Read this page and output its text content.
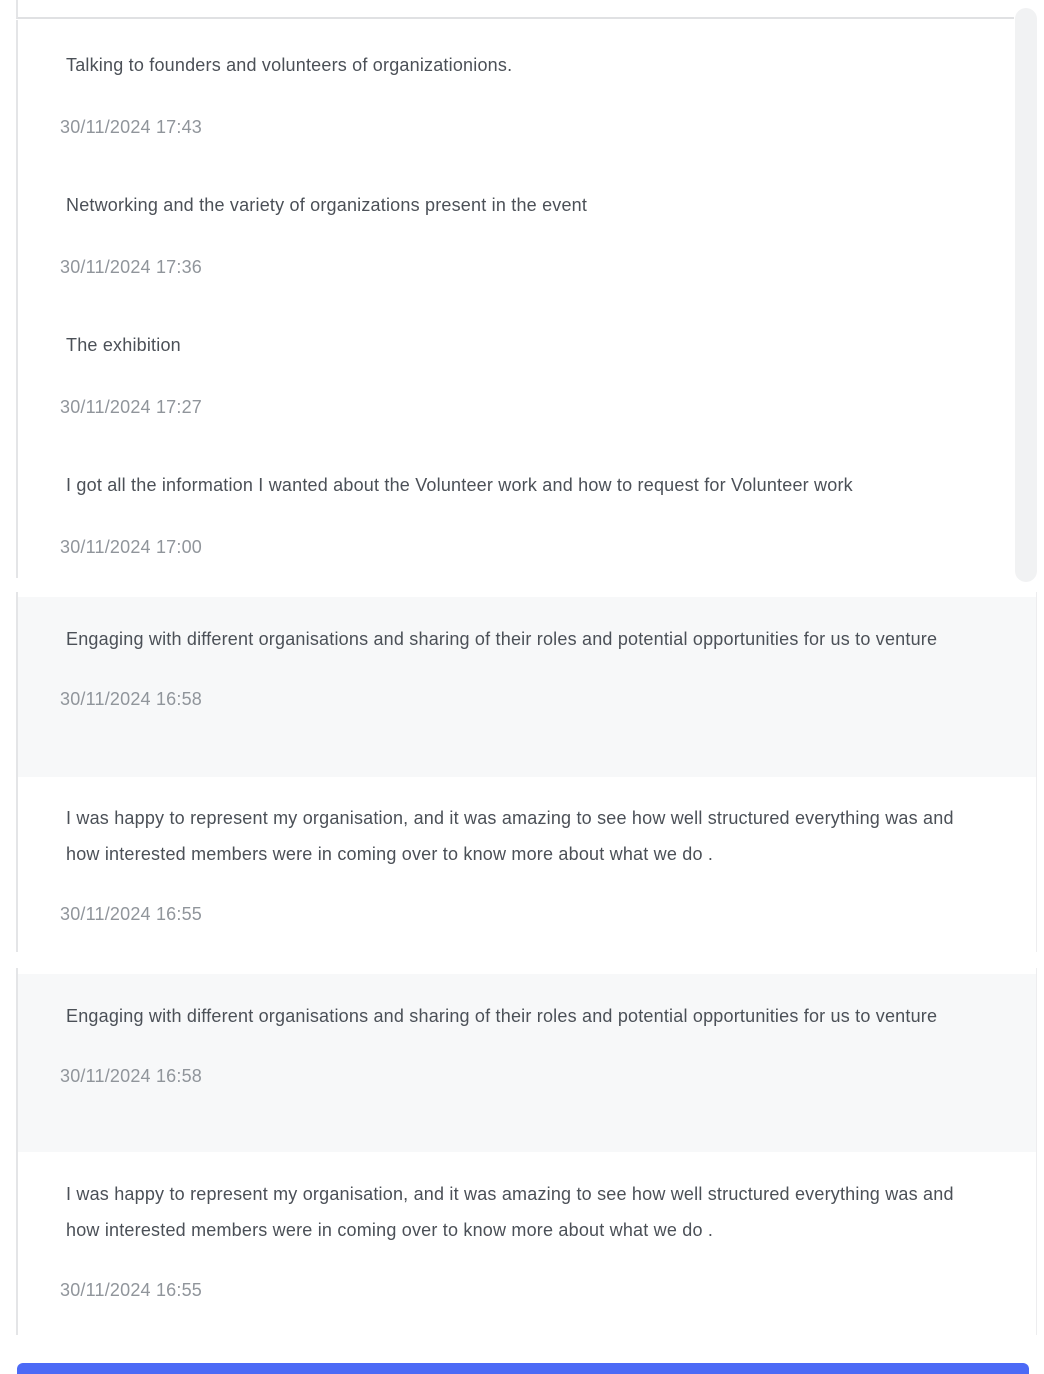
Talking to founders and volunteers of organizationions.
30/11/2024 17:43
Networking and the variety of organizations present in the event
30/11/2024 17:36
The exhibition
30/11/2024 17:27
I got all the information I wanted about the Volunteer work and how to request for Volunteer work
30/11/2024 17:00
Engaging with different organisations and sharing of their roles and potential opportunities for us to venture
30/11/2024 16:58
I was happy to represent my organisation, and it was amazing to see how well structured everything was and how interested members were in coming over to know more about what we do .
30/11/2024 16:55
Engaging with different organisations and sharing of their roles and potential opportunities for us to venture
30/11/2024 16:58
I was happy to represent my organisation, and it was amazing to see how well structured everything was and how interested members were in coming over to know more about what we do .
30/11/2024 16:55
